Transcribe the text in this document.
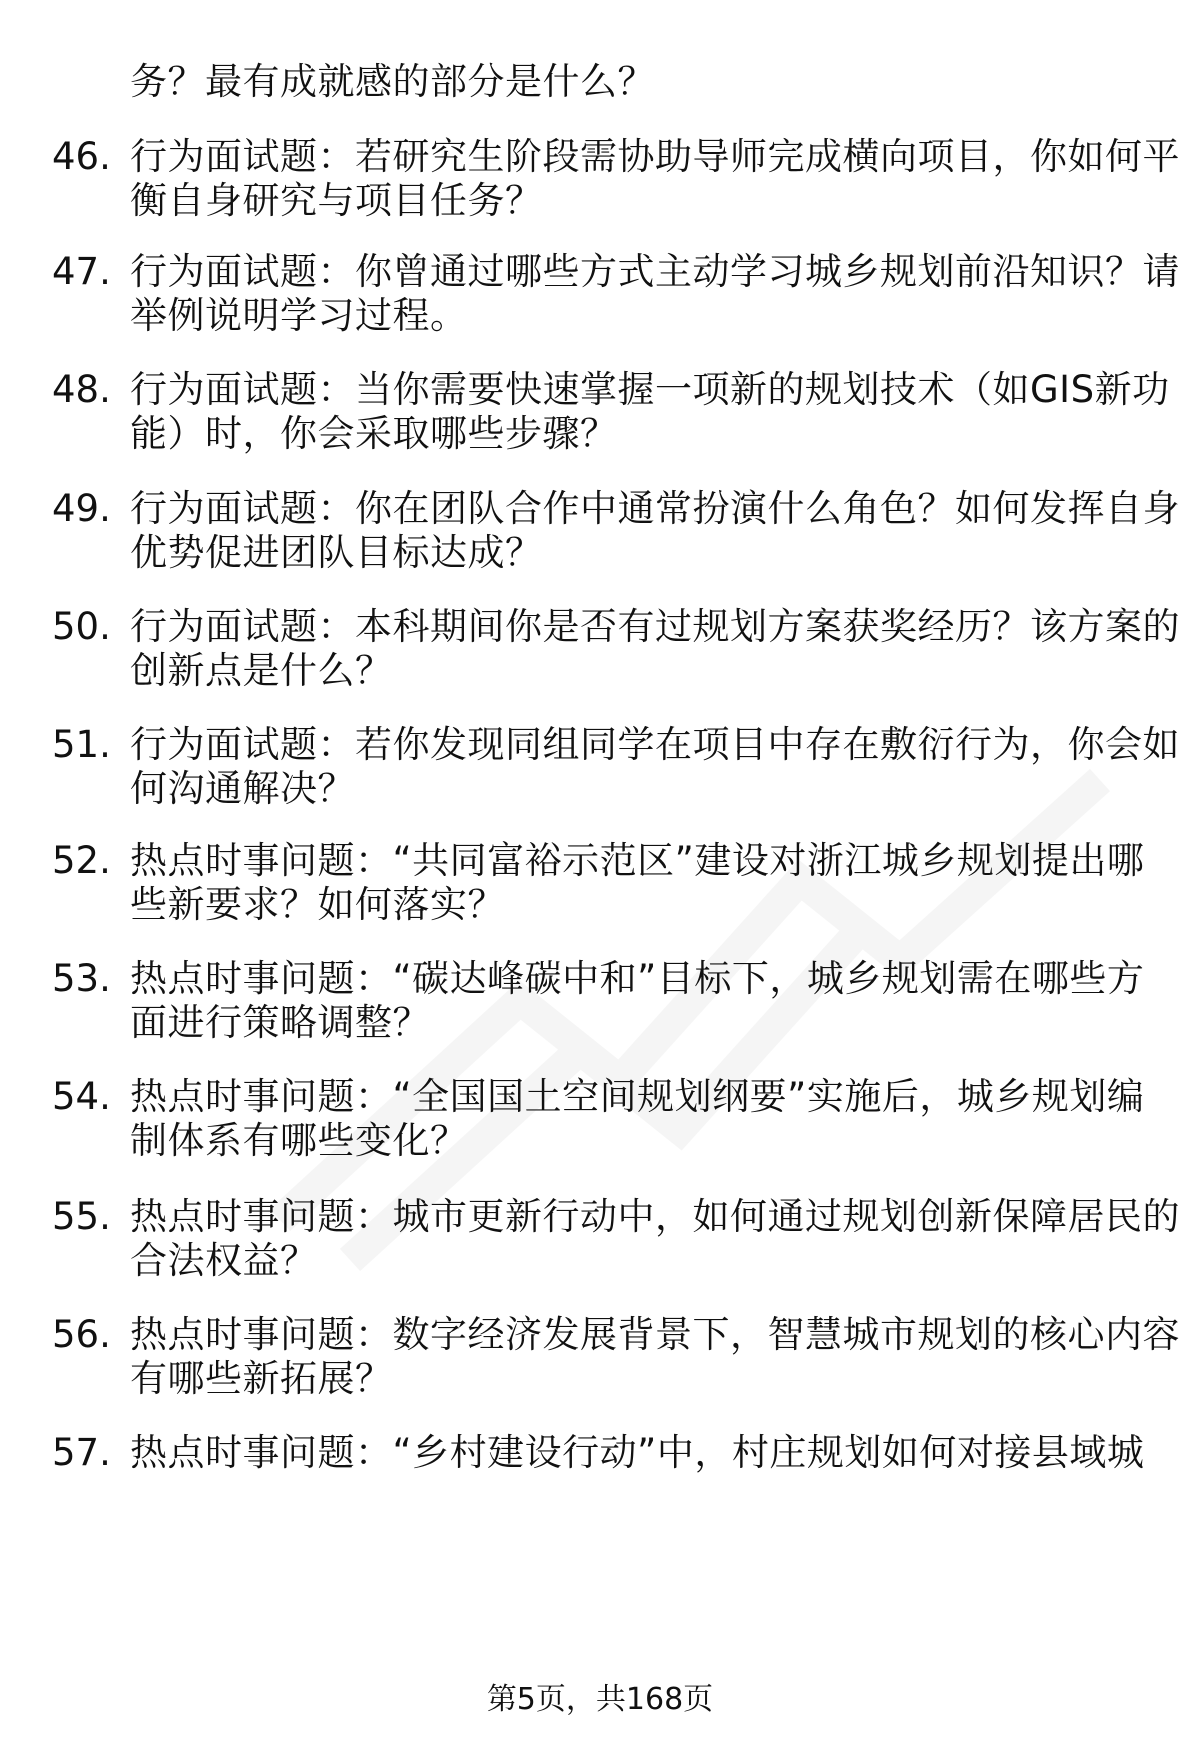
务？最有成就感的部分是什么？
46. 行为面试题：若研究生阶段需协助导师完成横向项目，你如何平
衡自身研究与项目任务？
47. 行为面试题：你曾通过哪些方式主动学习城乡规划前沿知识？请
举例说明学习过程。
48. 行为面试题：当你需要快速掌握一项新的规划技术（如GIS新功
能）时，你会采取哪些步骤？
49. 行为面试题：你在团队合作中通常扮演什么角色？如何发挥自身
优势促进团队目标达成？
50. 行为面试题：本科期间你是否有过规划方案获奖经历？该方案的
创新点是什么？
51. 行为面试题：若你发现同组同学在项目中存在敷衍行为，你会如
何沟通解决？
52. 热点时事问题：“共同富裕示范区”建设对浙江城乡规划提出哪
些新要求？如何落实？
53. 热点时事问题：“碳达峰碳中和”目标下，城乡规划需在哪些方
面进行策略调整？
54. 热点时事问题：“全国国土空间规划纲要”实施后，城乡规划编
制体系有哪些变化？
55. 热点时事问题：城市更新行动中，如何通过规划创新保障居民的
合法权益？
56. 热点时事问题：数字经济发展背景下，智慧城市规划的核心内容
有哪些新拓展？
57. 热点时事问题：“乡村建设行动”中，村庄规划如何对接县域城
第5页，共168页
